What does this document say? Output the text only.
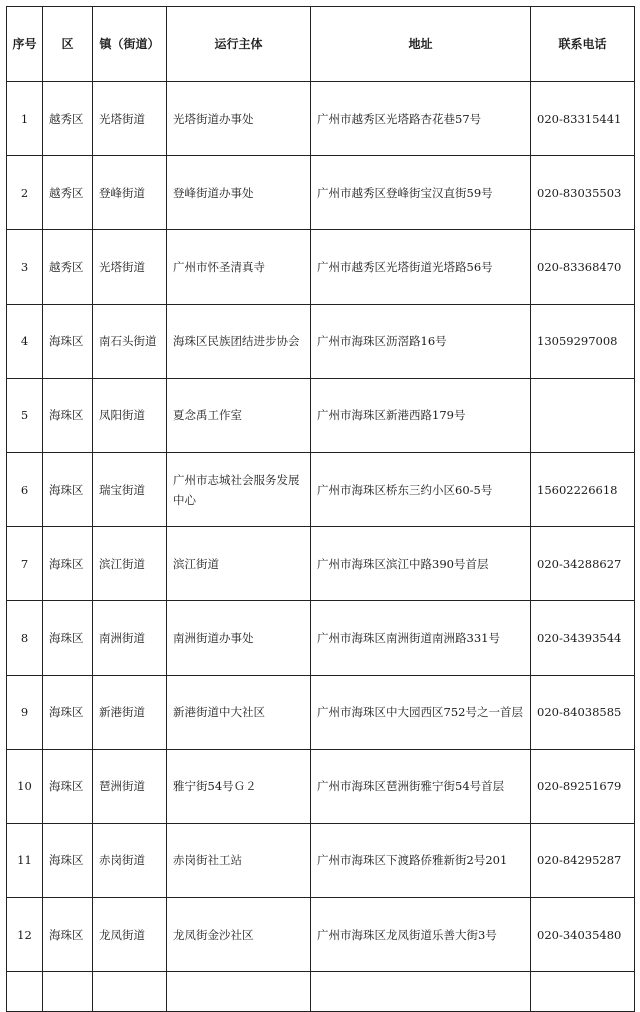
序号	区	镇（街道）	运行主体	地址	联系电话
1	越秀区	光塔街道	光塔街道办事处	广州市越秀区光塔路杏花巷57号	020-83315441
2	越秀区	登峰街道	登峰街道办事处	广州市越秀区登峰街宝汉直街59号	020-83035503
3	越秀区	光塔街道	广州市怀圣清真寺	广州市越秀区光塔街道光塔路56号	020-83368470
4	海珠区	南石头街道	海珠区民族团结进步协会	广州市海珠区沥滘路16号	13059297008
5	海珠区	凤阳街道	夏念禹工作室	广州市海珠区新港西路179号	
6	海珠区	瑞宝街道	广州市志城社会服务发展中心	广州市海珠区桥东三约小区60-5号	15602226618
7	海珠区	滨江街道	滨江街道	广州市海珠区滨江中路390号首层	020-34288627
8	海珠区	南洲街道	南洲街道办事处	广州市海珠区南洲街道南洲路331号	020-34393544
9	海珠区	新港街道	新港街道中大社区	广州市海珠区中大园西区752号之一首层	020-84038585
10	海珠区	琶洲街道	雅宁街54号Ｇ２	广州市海珠区琶洲街雅宁街54号首层	020-89251679
11	海珠区	赤岗街道	赤岗街社工站	广州市海珠区下渡路侨雅新街2号201	020-84295287
12	海珠区	龙凤街道	龙凤街金沙社区	广州市海珠区龙凤街道乐善大街3号	020-34035480
